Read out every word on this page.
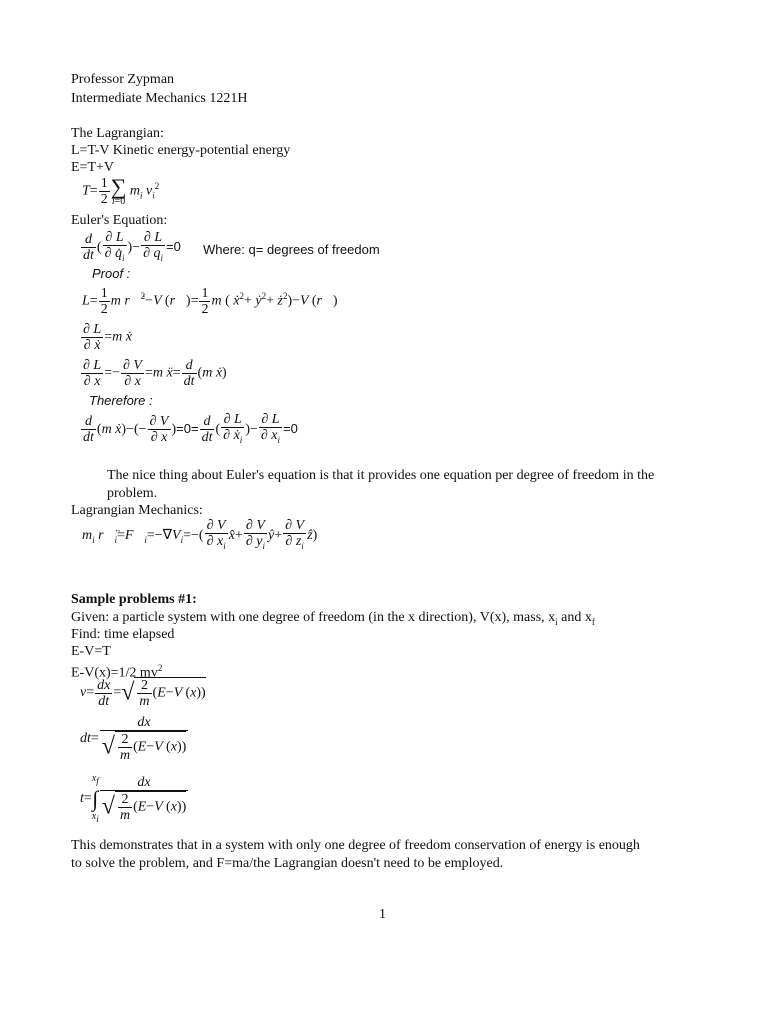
Professor Zypman
Intermediate Mechanics 1221H
The Lagrangian:
L=T-V Kinetic energy-potential energy
E=T+V
$T= \frac{1}{2}$ ∑
i=0
$m_i$ $v_i^2$
Euler's Equation:
$\frac{d}{dt}$ ( $\frac{\partial L}{\partial q̇_i}$ )− $\frac{\partial L}{\partial q_i} =0$ Where: q= degrees of freedom
Proof :
$L= \frac{1}{2}$ m r⃗̇$^2$−V (r⃗)= $\frac{1}{2}$ m ( ẋ$^2$+ ẏ$^2$+ $ż^2)-V$ (r⃗)
$\frac{\partial L}{\text{∂ ẋ}} =m$ ẋ
$\frac{\partial L}{\partial x} =- \frac{\partial V}{\partial x} =m$ ẍ= $\frac{d}{dt} (m$ ẋ)
Therefore :
$\frac{d}{dt} (m$ ẋ)−(− $\frac{\partial V}{\partial x} )=0= \frac{d}{dt}$ ( $\frac{\partial L}{\partial ẋ_i}$ )− $\frac{\partial L}{\partial x_i} =0$
The nice thing about Euler's equation is that it provides one equation per degree of freedom in the
problem.
Lagrangian Mechanics:
$m_i$ $r⃗̈_i=F⃗_i=-\nabla V_i=-( \frac{\partial V}{\partial x_i}$ x̂+ $\frac{\partial V}{\partial y_i}$ ŷ+ $\frac{\partial V}{\partial z_i}$ ẑ)
Sample problems #1:
Given: a particle system with one degree of freedom (in the x direction), V(x), mass, $x_i$ and $x_f$
Find: time elapsed
E-V=T
E-V(x)=1/2 $mv^2$
$v= \frac{dx}{dt}$ =√ $\frac{2}{m} (E-V$ (x))
$dt= \frac{dx}{√ \frac{2}{m} (E-V (x))}$
t=
$x_f$
∫
$x_i \frac{dx}{√ \frac{2}{m} (E-V (x))}$
This demonstrates that in a system with only one degree of freedom conservation of energy is enough
to solve the problem, and F=ma/the Lagrangian doesn't need to be employed.
1
